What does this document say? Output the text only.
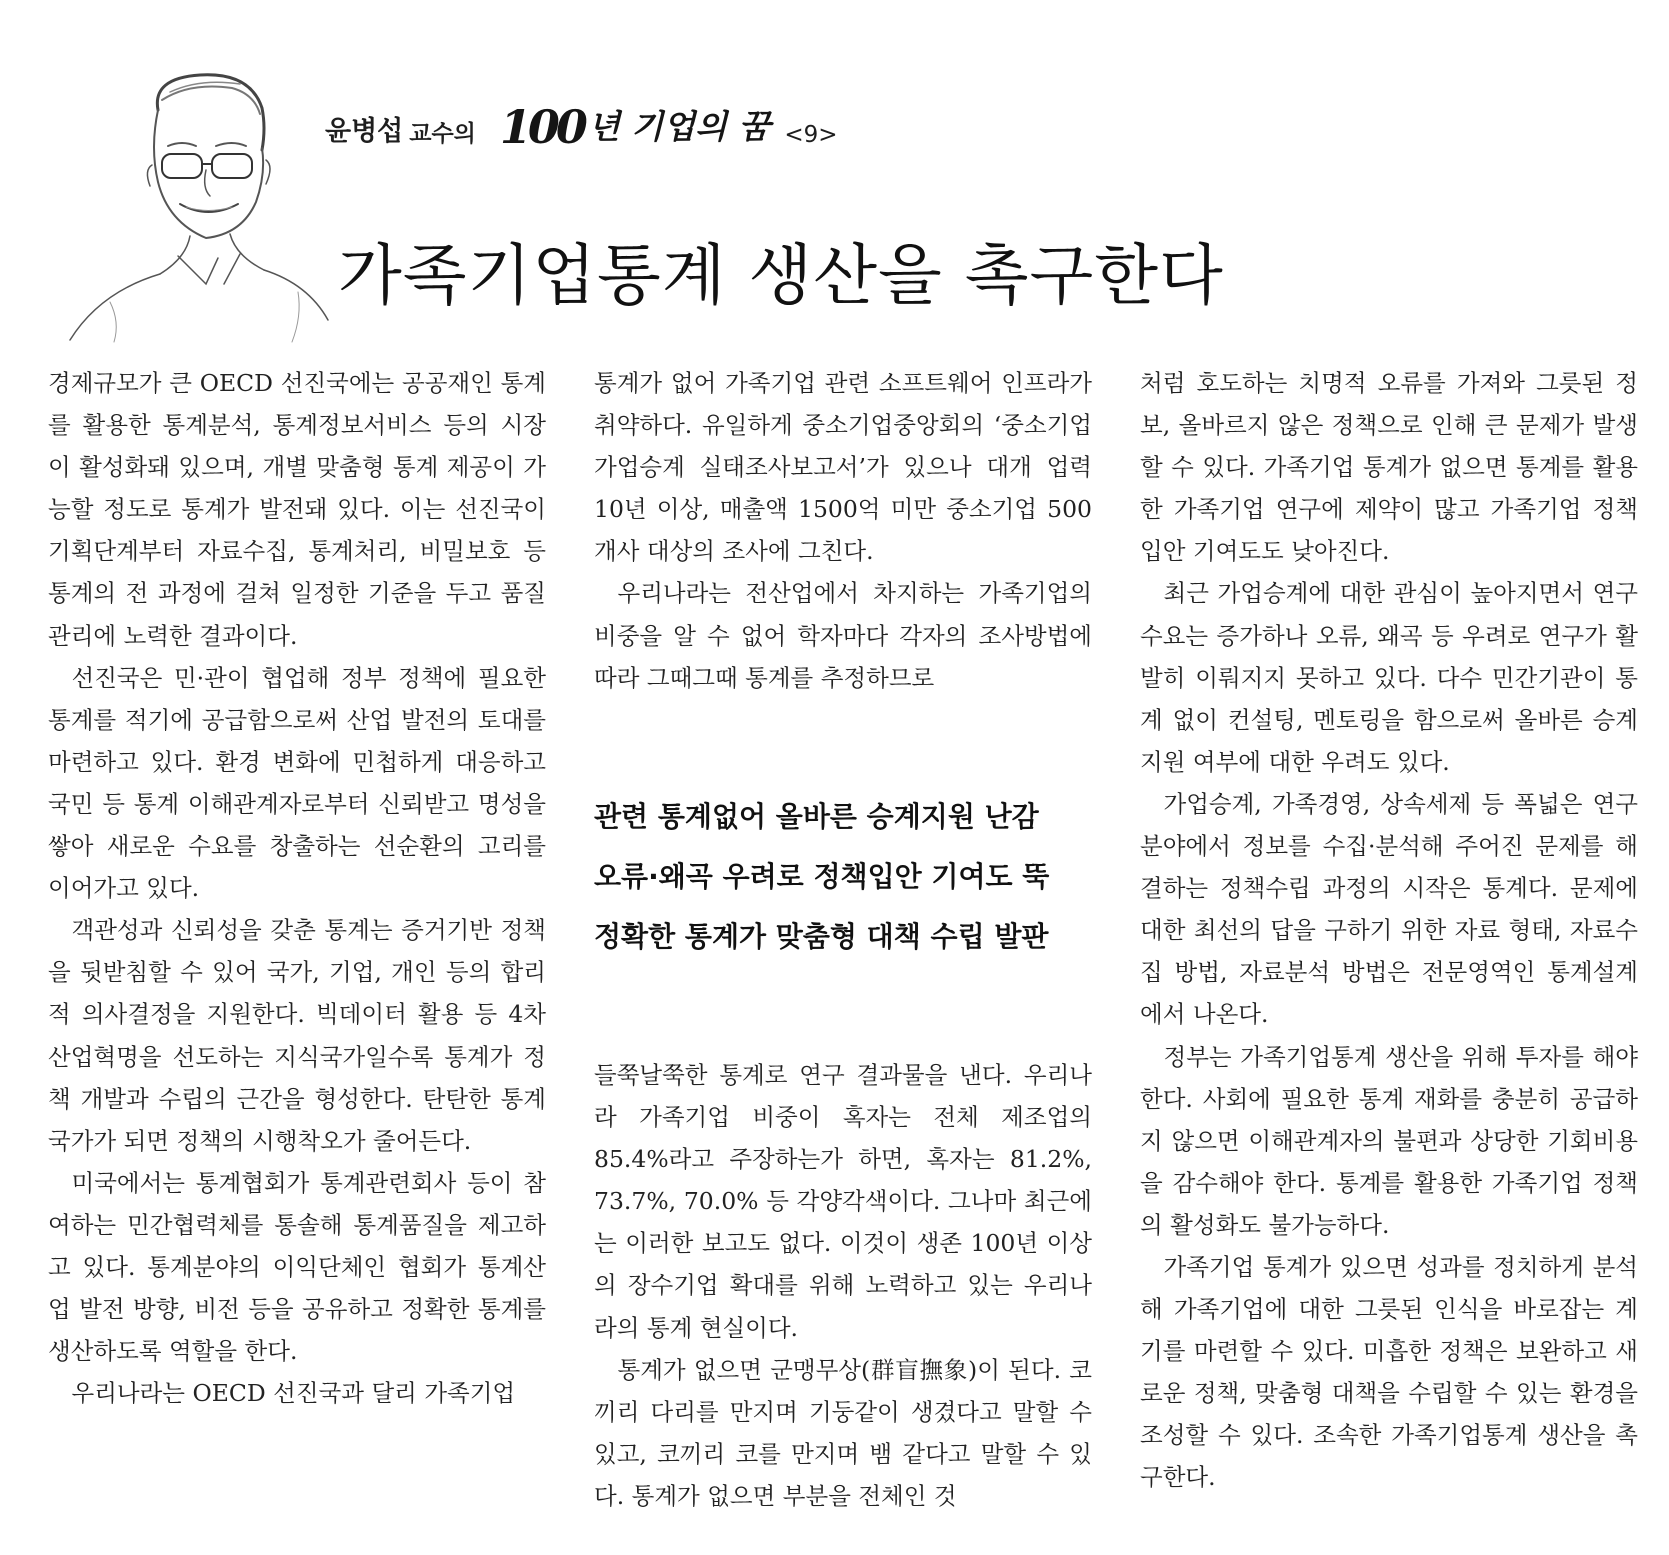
윤병섭 교수의 100 년 기업의 꿈 <9>
가족기업통계 생산을 촉구한다

경제규모가 큰 OECD 선진국에는 공공재인 통계를 활용한 통계분석, 통계정보서비스 등의 시장이 활성화돼 있으며, 개별 맞춤형 통계 제공이 가능할 정도로 통계가 발전돼 있다. 이는 선진국이 기획단계부터 자료수집, 통계처리, 비밀보호 등 통계의 전 과정에 걸쳐 일정한 기준을 두고 품질관리에 노력한 결과이다.

선진국은 민·관이 협업해 정부 정책에 필요한 통계를 적기에 공급함으로써 산업 발전의 토대를 마련하고 있다. 환경 변화에 민첩하게 대응하고 국민 등 통계 이해관계자로부터 신뢰받고 명성을 쌓아 새로운 수요를 창출하는 선순환의 고리를 이어가고 있다.

객관성과 신뢰성을 갖춘 통계는 증거기반 정책을 뒷받침할 수 있어 국가, 기업, 개인 등의 합리적 의사결정을 지원한다. 빅데이터 활용 등 4차산업혁명을 선도하는 지식국가일수록 통계가 정책 개발과 수립의 근간을 형성한다. 탄탄한 통계국가가 되면 정책의 시행착오가 줄어든다.

미국에서는 통계협회가 통계관련회사 등이 참여하는 민간협력체를 통솔해 통계품질을 제고하고 있다. 통계분야의 이익단체인 협회가 통계산업 발전 방향, 비전 등을 공유하고 정확한 통계를 생산하도록 역할을 한다.

우리나라는 OECD 선진국과 달리 가족기업

통계가 없어 가족기업 관련 소프트웨어 인프라가 취약하다. 유일하게 중소기업중앙회의 ‘중소기업 가업승계 실태조사보고서’가 있으나 대개 업력 10년 이상, 매출액 1500억 미만 중소기업 500개사 대상의 조사에 그친다.

우리나라는 전산업에서 차지하는 가족기업의 비중을 알 수 없어 학자마다 각자의 조사방법에 따라 그때그때 통계를 추정하므로

관련 통계없어 올바른 승계지원 난감
오류·왜곡 우려로 정책입안 기여도 뚝
정확한 통계가 맞춤형 대책 수립 발판

들쭉날쭉한 통계로 연구 결과물을 낸다. 우리나라 가족기업 비중이 혹자는 전체 제조업의 85.4%라고 주장하는가 하면, 혹자는 81.2%, 73.7%, 70.0% 등 각양각색이다. 그나마 최근에는 이러한 보고도 없다. 이것이 생존 100년 이상의 장수기업 확대를 위해 노력하고 있는 우리나라의 통계 현실이다.

통계가 없으면 군맹무상(群盲撫象)이 된다. 코끼리 다리를 만지며 기둥같이 생겼다고 말할 수 있고, 코끼리 코를 만지며 뱀 같다고 말할 수 있다. 통계가 없으면 부분을 전체인 것

처럼 호도하는 치명적 오류를 가져와 그릇된 정보, 올바르지 않은 정책으로 인해 큰 문제가 발생할 수 있다. 가족기업 통계가 없으면 통계를 활용한 가족기업 연구에 제약이 많고 가족기업 정책 입안 기여도도 낮아진다.

최근 가업승계에 대한 관심이 높아지면서 연구수요는 증가하나 오류, 왜곡 등 우려로 연구가 활발히 이뤄지지 못하고 있다. 다수 민간기관이 통계 없이 컨설팅, 멘토링을 함으로써 올바른 승계지원 여부에 대한 우려도 있다.

가업승계, 가족경영, 상속세제 등 폭넓은 연구분야에서 정보를 수집·분석해 주어진 문제를 해결하는 정책수립 과정의 시작은 통계다. 문제에 대한 최선의 답을 구하기 위한 자료 형태, 자료수집 방법, 자료분석 방법은 전문영역인 통계설계에서 나온다.

정부는 가족기업통계 생산을 위해 투자를 해야 한다. 사회에 필요한 통계 재화를 충분히 공급하지 않으면 이해관계자의 불편과 상당한 기회비용을 감수해야 한다. 통계를 활용한 가족기업 정책의 활성화도 불가능하다.

가족기업 통계가 있으면 성과를 정치하게 분석해 가족기업에 대한 그릇된 인식을 바로잡는 계기를 마련할 수 있다. 미흡한 정책은 보완하고 새로운 정책, 맞춤형 대책을 수립할 수 있는 환경을 조성할 수 있다. 조속한 가족기업통계 생산을 촉구한다.
